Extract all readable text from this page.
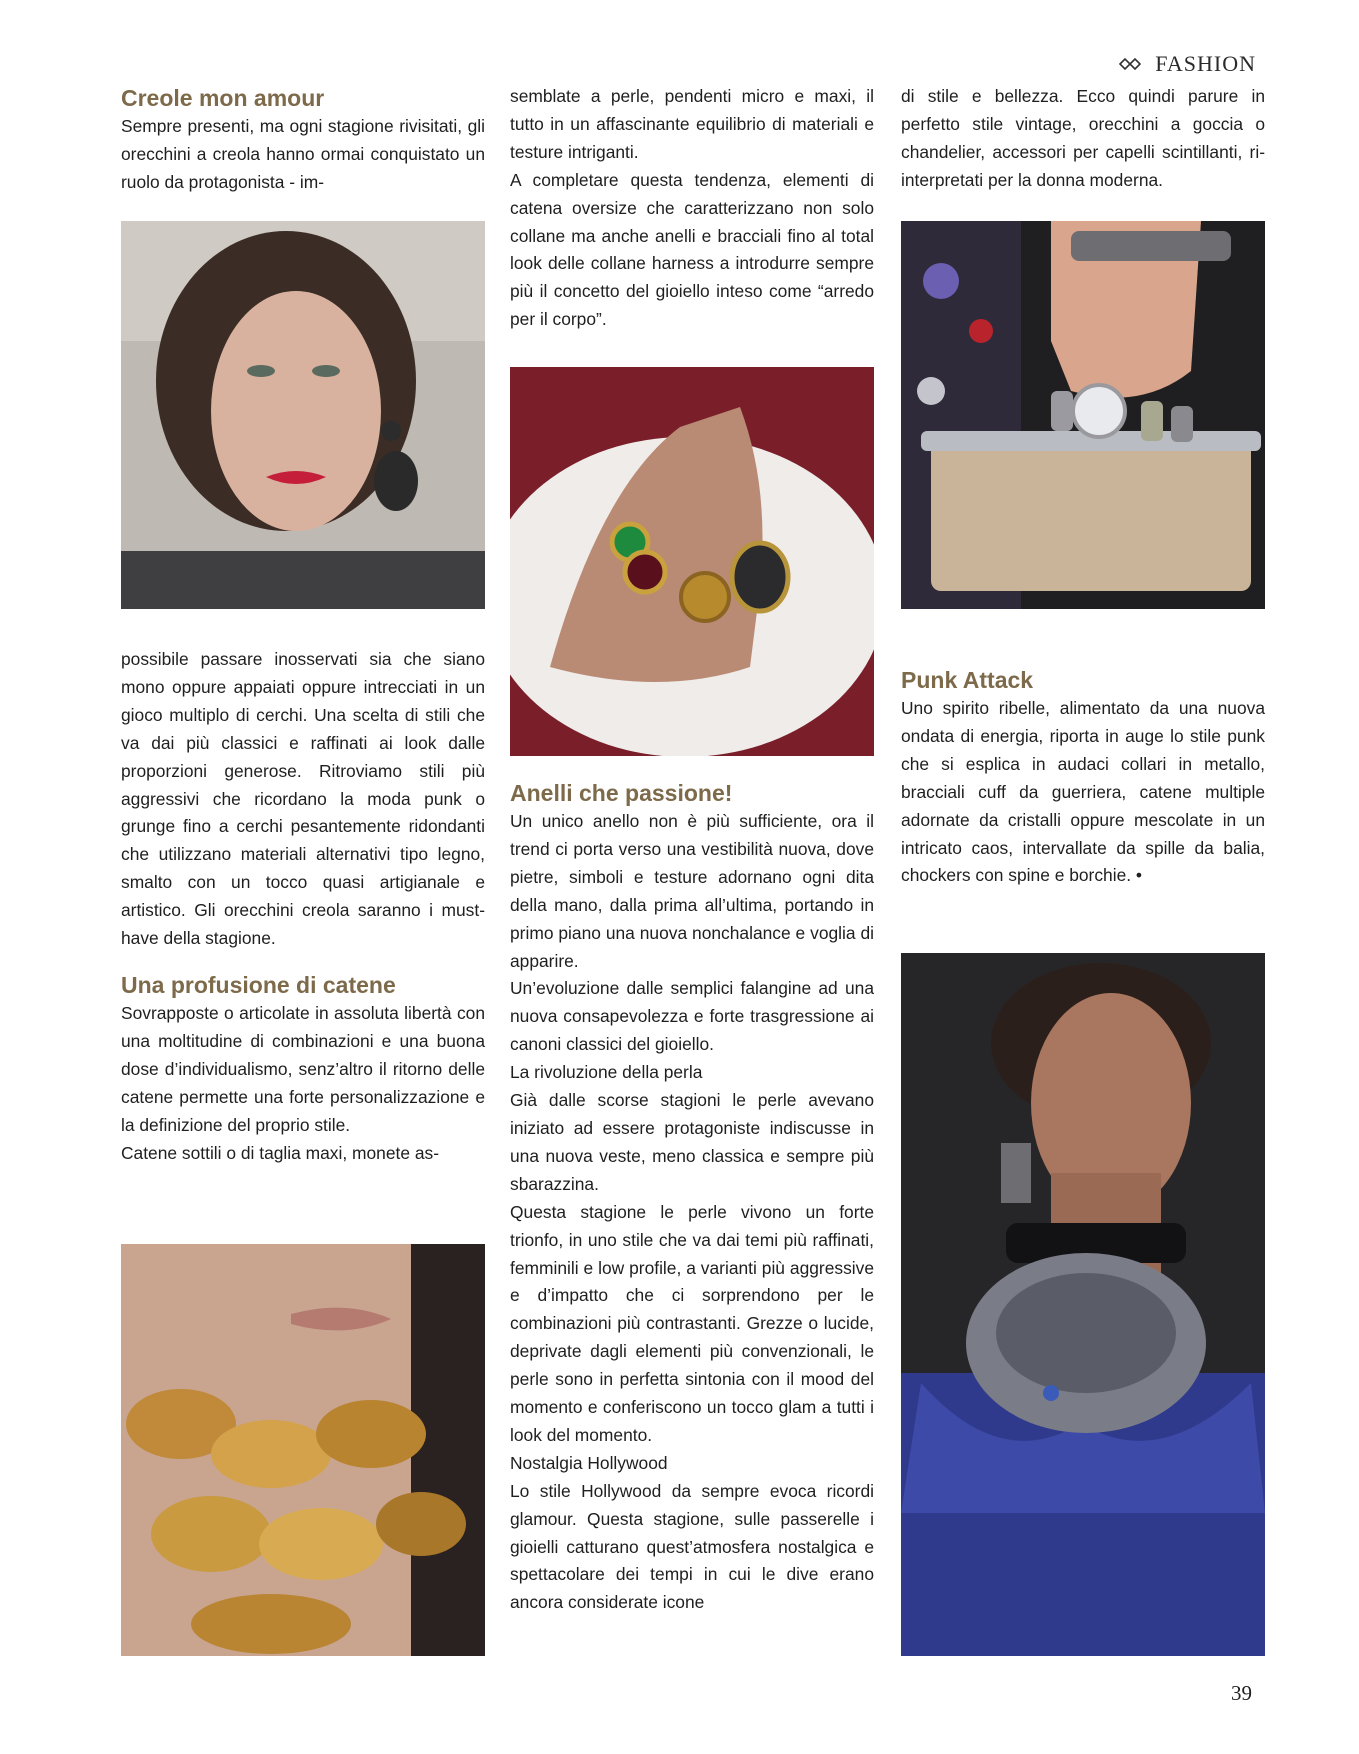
FASHION
Creole mon amour

Sempre presenti, ma ogni stagione rivisitati, gli orecchini a creola hanno ormai conquistato un ruolo da protagonista - im-

possibile passare inosservati sia che siano mono oppure appaiati oppure intrecciati in un gioco multiplo di cerchi. Una scelta di stili che va dai più classici e raffinati ai look dalle proporzioni generose. Ritroviamo stili più aggressivi che ricordano la moda punk o grunge fino a cerchi pesantemente ridondanti che utilizzano materiali alternativi tipo legno, smalto con un tocco quasi artigianale e artistico. Gli orecchini creola saranno i must-have della stagione.

Una profusione di catene

Sovrapposte o articolate in assoluta libertà con una moltitudine di combinazioni e una buona dose d’individualismo, senz’altro il ritorno delle catene permette una forte personalizzazione e la definizione del proprio stile.

Catene sottili o di taglia maxi, monete as-

semblate a perle, pendenti micro e maxi, il tutto in un affascinante equilibrio di materiali e testure intriganti.

A completare questa tendenza, elementi di catena oversize che caratterizzano non solo collane ma anche anelli e bracciali fino al total look delle collane harness a introdurre sempre più il concetto del gioiello inteso come “arredo per il corpo”.

Anelli che passione!

Un unico anello non è più sufficiente, ora il trend ci porta verso una vestibilità nuova, dove pietre, simboli e testure adornano ogni dita della mano, dalla prima all’ultima, portando in primo piano una nuova nonchalance e voglia di apparire.

Un’evoluzione dalle semplici falangine ad una nuova consapevolezza e forte trasgressione ai canoni classici del gioiello.

La rivoluzione della perla

Già dalle scorse stagioni le perle avevano iniziato ad essere protagoniste indiscusse in una nuova veste, meno classica e sempre più sbarazzina.

Questa stagione le perle vivono un forte trionfo, in uno stile che va dai temi più raffinati, femminili e low profile, a varianti più aggressive e d’impatto che ci sorprendono per le combinazioni più contrastanti. Grezze o lucide, deprivate dagli elementi più convenzionali, le perle sono in perfetta sintonia con il mood del momento e conferiscono un tocco glam a tutti i look del momento.

Nostalgia Hollywood

Lo stile Hollywood da sempre evoca ricordi glamour. Questa stagione, sulle passerelle i gioielli catturano quest’atmosfera nostalgica e spettacolare dei tempi in cui le dive erano ancora considerate icone

di stile e bellezza. Ecco quindi parure in perfetto stile vintage, orecchini a goccia o chandelier, accessori per capelli scintillanti, ri-interpretati per la donna moderna.

Punk Attack

Uno spirito ribelle, alimentato da una nuova ondata di energia, riporta in auge lo stile punk che si esplica in audaci collari in metallo, bracciali cuff da guerriera, catene multiple adornate da cristalli oppure mescolate in un intricato caos, intervallate da spille da balia, chockers con spine e borchie. •

39
